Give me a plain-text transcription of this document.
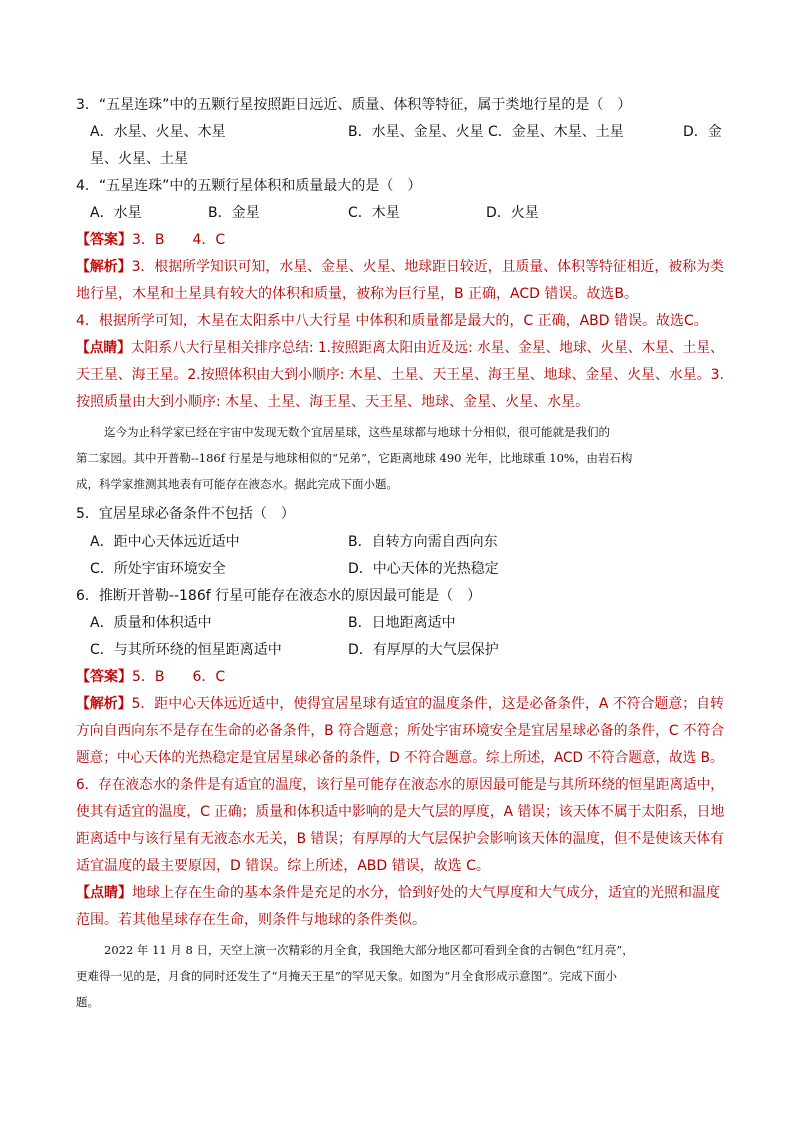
3．“五星连珠”中的五颗行星按照距日远近、质量、体积等特征，属于类地行星的是（　）
A．水星、火星、木星	B．水星、金星、火星 C．金星、木星、土星	D．金
星、火星、土星
4．“五星连珠”中的五颗行星体积和质量最大的是（　）
A．水星	B．金星	C．木星	D．火星
【答案】3．B　　4．C
【解析】3．根据所学知识可知，水星、金星、火星、地球距日较近，且质量、体积等特征相近，被称为类
地行星，木星和土星具有较大的体积和质量，被称为巨行星，B 正确，ACD 错误。故选B。
4．根据所学可知，木星在太阳系中八大行星 中体积和质量都是最大的，C 正确，ABD 错误。故选C。
【点睛】太阳系八大行星相关排序总结: 1.按照距离太阳由近及远: 水星、金星、地球、火星、木星、土星、
天王星、海王星。2.按照体积由大到小顺序: 木星、土星、天王星、海王星、地球、金星、火星、水星。3.
按照质量由大到小顺序: 木星、土星、海王星、天王星、地球、金星、火星、水星。
迄今为止科学家已经在宇宙中发现无数个宜居星球，这些星球都与地球十分相似，很可能就是我们的
第二家园。其中开普勒--186f 行星是与地球相似的“兄弟”，它距离地球 490 光年，比地球重 10%，由岩石构
成，科学家推测其地表有可能存在液态水。据此完成下面小题。
5．宜居星球必备条件不包括（　）
A．距中心天体远近适中	B．自转方向需自西向东
C．所处宇宙环境安全	D．中心天体的光热稳定
6．推断开普勒--186f 行星可能存在液态水的原因最可能是（　）
A．质量和体积适中	B．日地距离适中
C．与其所环绕的恒星距离适中	D．有厚厚的大气层保护
【答案】5．B　　6．C
【解析】5．距中心天体远近适中，使得宜居星球有适宜的温度条件，这是必备条件，A 不符合题意；自转
方向自西向东不是存在生命的必备条件，B 符合题意；所处宇宙环境安全是宜居星球必备的条件，C 不符合
题意；中心天体的光热稳定是宜居星球必备的条件，D 不符合题意。综上所述，ACD 不符合题意，故选 B。
6．存在液态水的条件是有适宜的温度，该行星可能存在液态水的原因最可能是与其所环绕的恒星距离适中，
使其有适宜的温度，C 正确；质量和体积适中影响的是大气层的厚度，A 错误；该天体不属于太阳系，日地
距离适中与该行星有无液态水无关，B 错误；有厚厚的大气层保护会影响该天体的温度，但不是使该天体有
适宜温度的最主要原因，D 错误。综上所述，ABD 错误，故选 C。
【点睛】地球上存在生命的基本条件是充足的水分，恰到好处的大气厚度和大气成分，适宜的光照和温度
范围。若其他星球存在生命，则条件与地球的条件类似。
2022 年 11 月 8 日，天空上演一次精彩的月全食，我国绝大部分地区都可看到全食的古铜色“红月亮”，
更难得一见的是，月食的同时还发生了“月掩天王星”的罕见天象。如图为“月全食形成示意图”。完成下面小
题。
